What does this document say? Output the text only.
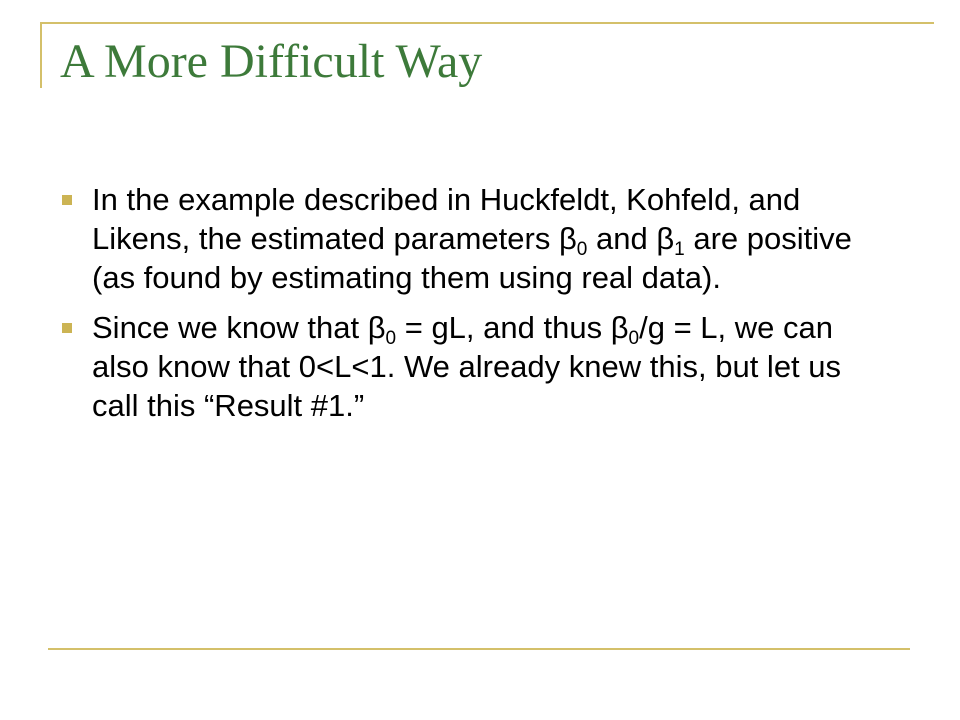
A More Difficult Way
In the example described in Huckfeldt, Kohfeld, and Likens, the estimated parameters $\beta_0$ and $\beta_1$ are positive (as found by estimating them using real data).
Since we know that $\beta_0$ = gL, and thus $\beta_0/g = L$, we can also know that 0<L<1. We already knew this, but let us call this “Result #1.”
